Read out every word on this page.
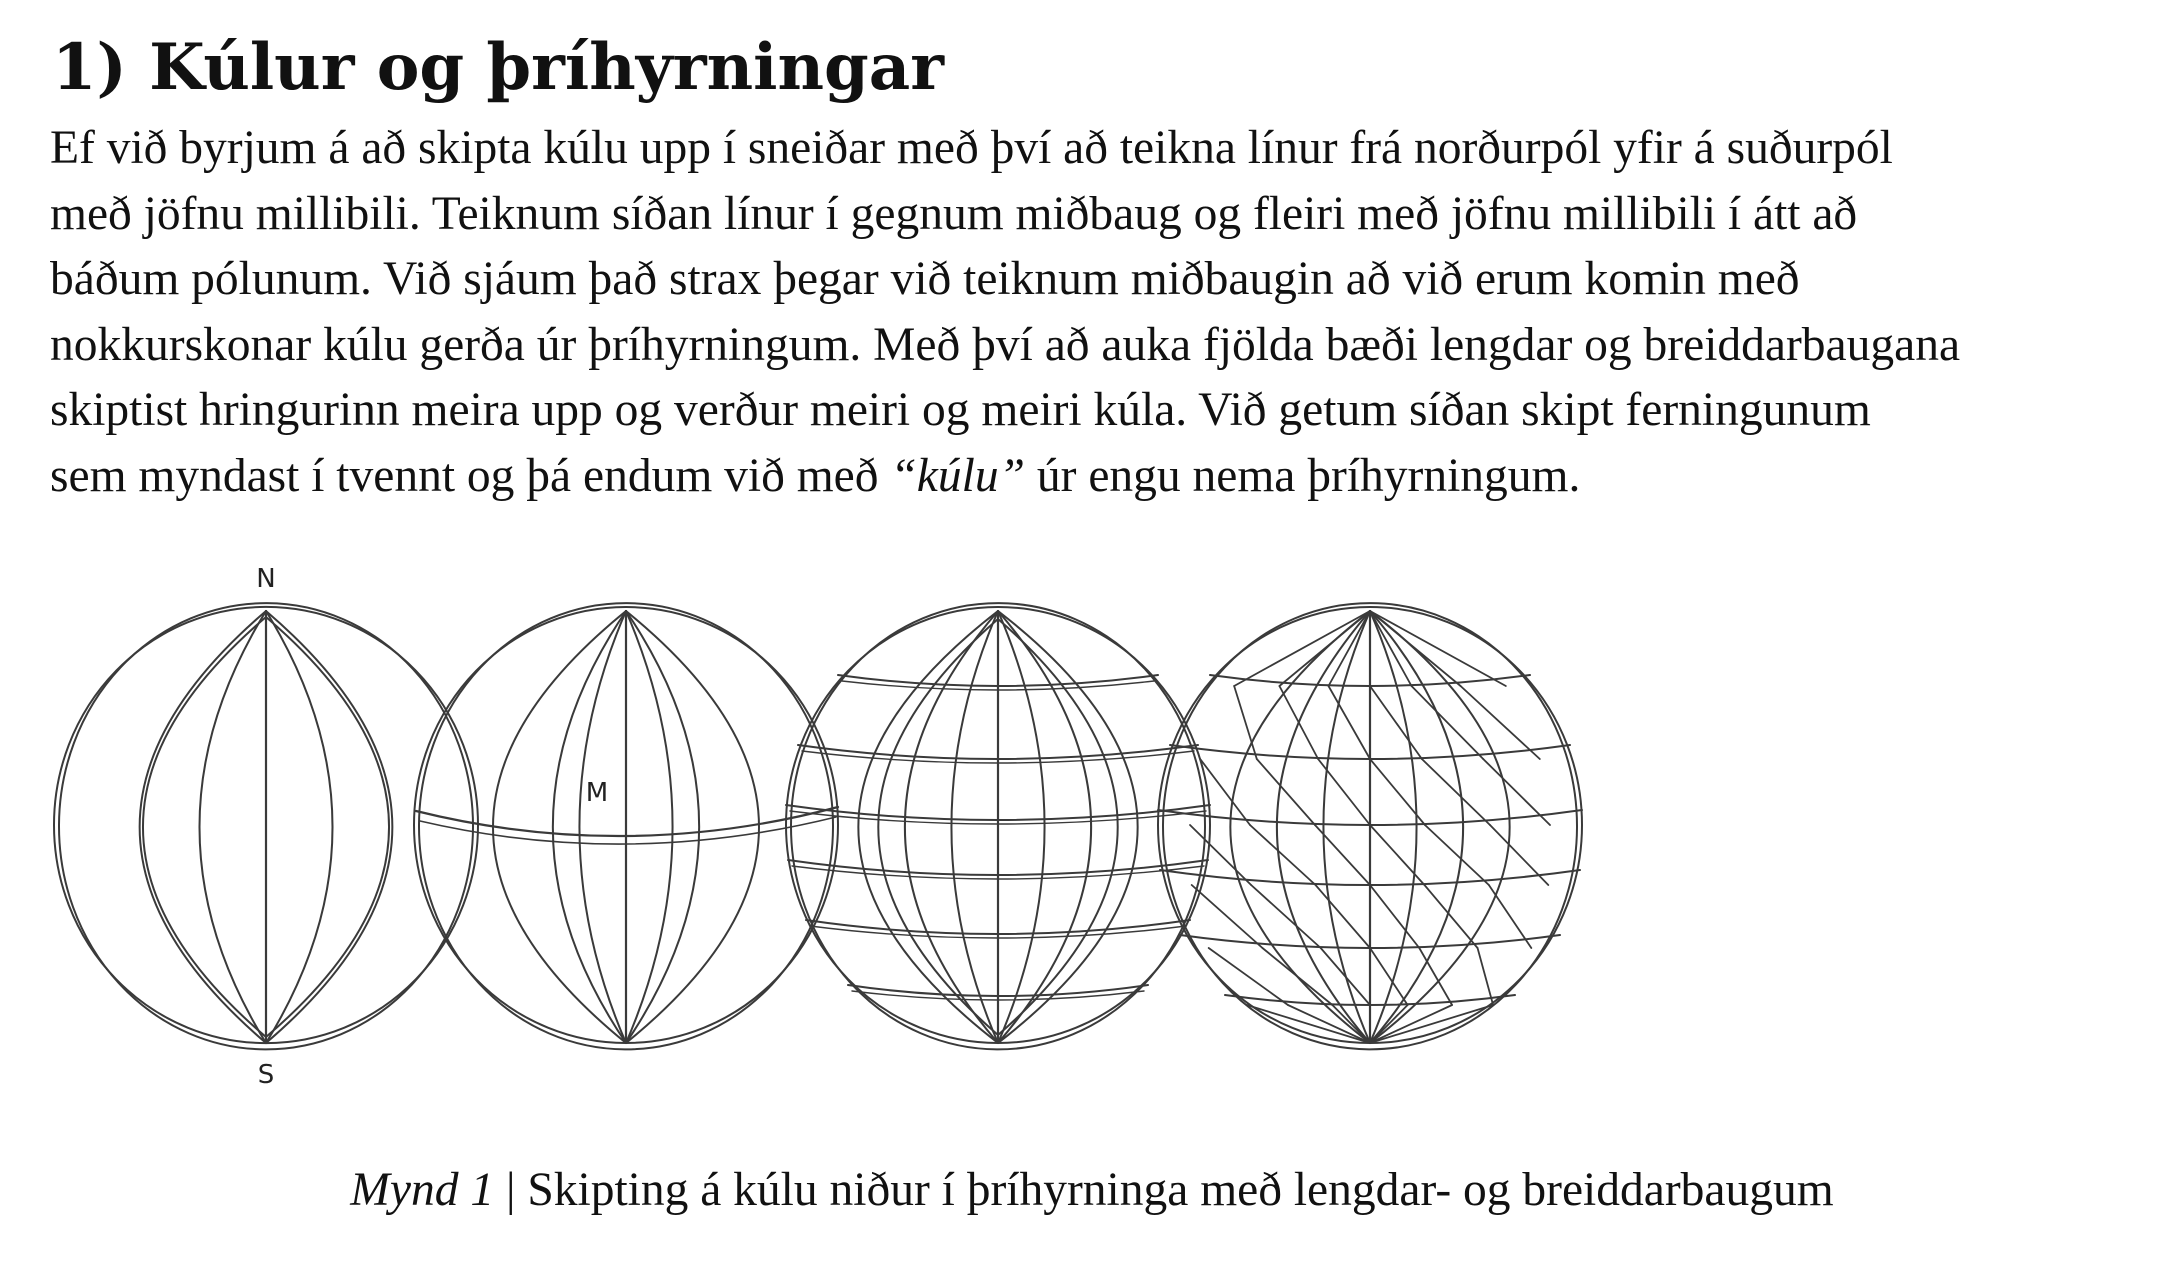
1) Kúlur og þríhyrningar
Ef við byrjum á að skipta kúlu upp í sneiðar með því að teikna línur frá norðurpól yfir á suðurpól
með jöfnu millibili. Teiknum síðan línur í gegnum miðbaug og fleiri með jöfnu millibili í átt að
báðum pólunum. Við sjáum það strax þegar við teiknum miðbaugin að við erum komin með
nokkurskonar kúlu gerða úr þríhyrningum. Með því að auka fjölda bæði lengdar og breiddarbaugana
skiptist hringurinn meira upp og verður meiri og meiri kúla. Við getum síðan skipt ferningunum
sem myndast í tvennt og þá endum við með “kúlu” úr engu nema þríhyrningum.
N
S
M
Mynd 1 | Skipting á kúlu niður í þríhyrninga með lengdar- og breiddarbaugum
